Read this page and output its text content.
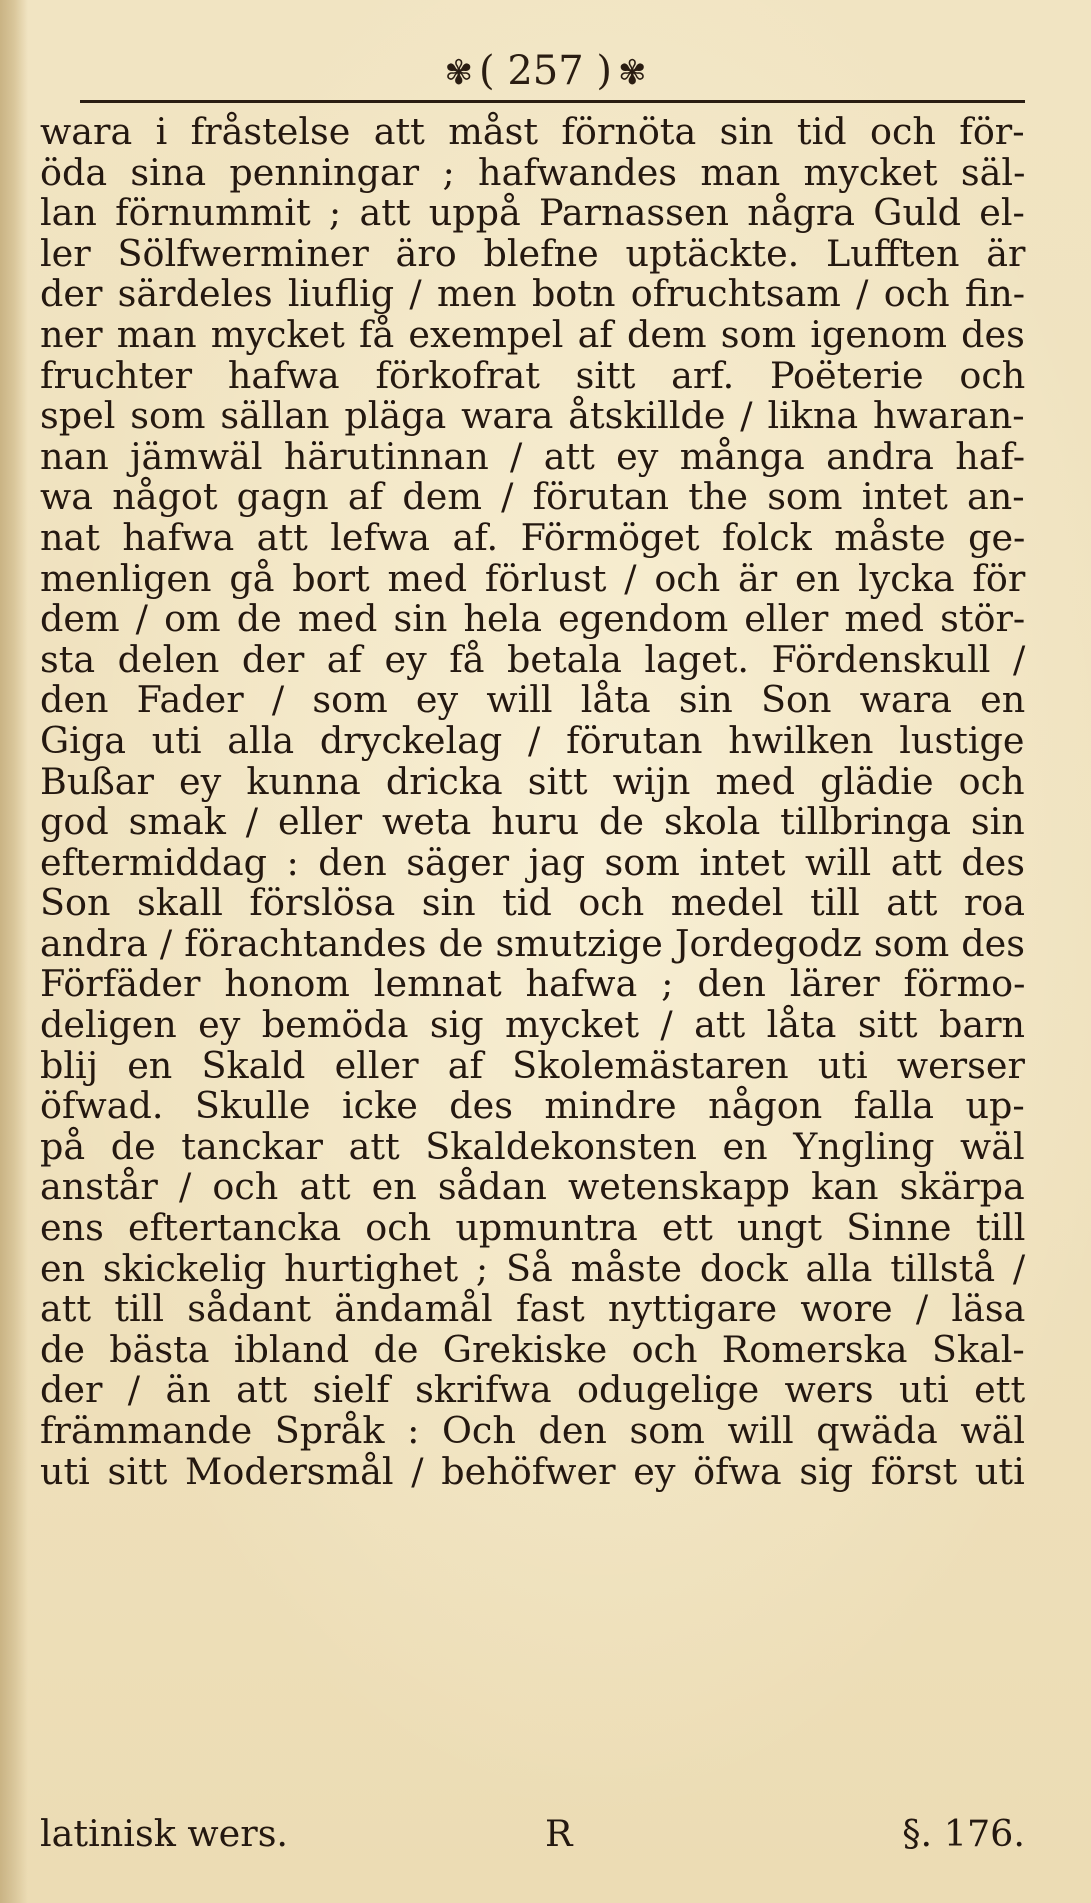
✾ ( 257 ) ✾
wara i fråstelse att måst förnöta sin tid och för-
öda sina penningar ; hafwandes man mycket säl-
lan förnummit ; att uppå Parnassen några Guld el-
ler Sölfwerminer äro blefne uptäckte. Lufften är
der särdeles liuflig / men botn ofruchtsam / och fin-
ner man mycket få exempel af dem som igenom des
fruchter hafwa förkofrat sitt arf. Poëterie och
spel som sällan pläga wara åtskillde / likna hwaran-
nan jämwäl härutinnan / att ey många andra haf-
wa något gagn af dem / förutan the som intet an-
nat hafwa att lefwa af. Förmöget folck måste ge-
menligen gå bort med förlust / och är en lycka för
dem / om de med sin hela egendom eller med stör-
sta delen der af ey få betala laget. Fördenskull /
den Fader / som ey will låta sin Son wara en
Giga uti alla dryckelag / förutan hwilken lustige
Bußar ey kunna dricka sitt wijn med glädie och
god smak / eller weta huru de skola tillbringa sin
eftermiddag : den säger jag som intet will att des
Son skall förslösa sin tid och medel till att roa
andra / förachtandes de smutzige Jordegodz som des
Förfäder honom lemnat hafwa ; den lärer förmo-
deligen ey bemöda sig mycket / att låta sitt barn
blij en Skald eller af Skolemästaren uti werser
öfwad. Skulle icke des mindre någon falla up-
på de tanckar att Skaldekonsten en Yngling wäl
anstår / och att en sådan wetenskapp kan skärpa
ens eftertancka och upmuntra ett ungt Sinne till
en skickelig hurtighet ; Så måste dock alla tillstå /
att till sådant ändamål fast nyttigare wore / läsa
de bästa ibland de Grekiske och Romerska Skal-
der / än att sielf skrifwa odugelige wers uti ett
främmande Språk : Och den som will qwäda wäl
uti sitt Modersmål / behöfwer ey öfwa sig först uti
latinisk wers.	R	§. 176.
